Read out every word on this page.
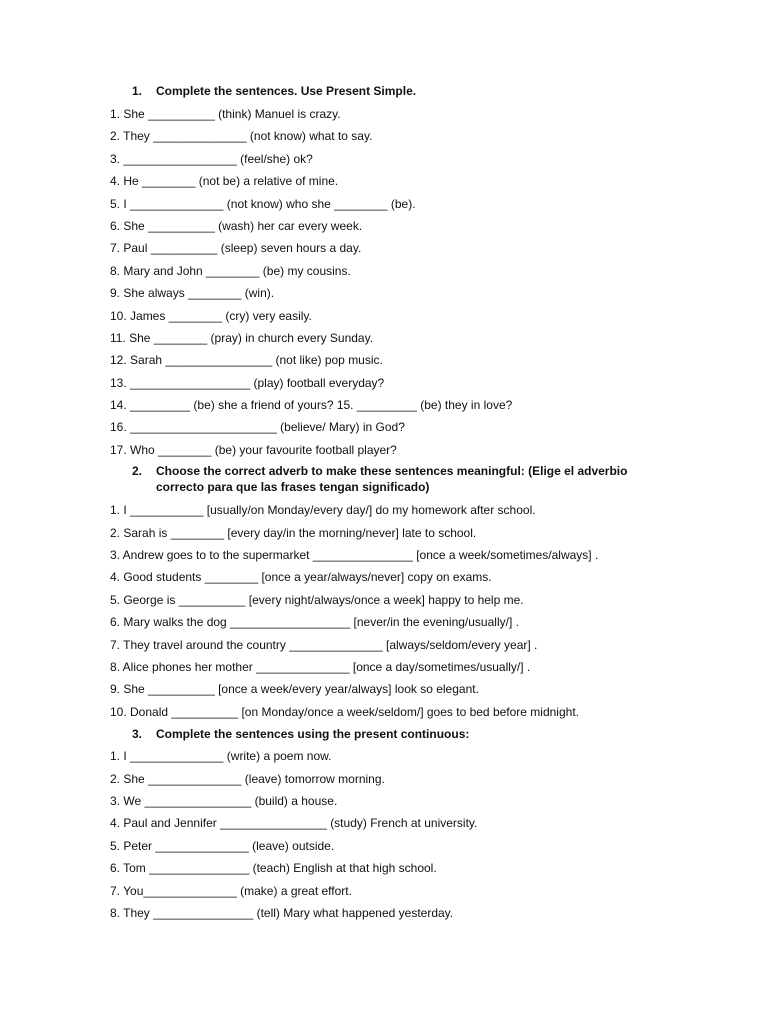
1.	Complete the sentences. Use Present Simple.
1. She __________ (think) Manuel is crazy.
2. They ______________ (not know) what to say.
3. _________________ (feel/she) ok?
4. He ________ (not be) a relative of mine.
5. I ______________ (not know) who she ________ (be).
6. She __________ (wash) her car every week.
7. Paul __________ (sleep) seven hours a day.
8. Mary and John ________ (be) my cousins.
9. She always ________ (win).
10. James ________ (cry) very easily.
11. She ________ (pray) in church every Sunday.
12. Sarah ________________ (not like) pop music.
13. __________________ (play) football everyday?
14. _________ (be) she a friend of yours? 15. _________ (be) they in love?
16. ______________________ (believe/ Mary) in God?
17. Who ________ (be) your favourite football player?
2.	Choose the correct adverb to make these sentences meaningful: (Elige el adverbio correcto para que las frases tengan significado)
1. I ___________ [usually/on Monday/every day/] do my homework after school.
2. Sarah is ________ [every day/in the morning/never] late to school.
3. Andrew goes to to the supermarket _______________ [once a week/sometimes/always] .
4. Good students ________ [once a year/always/never] copy on exams.
5. George is __________ [every night/always/once a week] happy to help me.
6. Mary walks the dog __________________ [never/in the evening/usually/] .
7. They travel around the country ______________ [always/seldom/every year] .
8. Alice phones her mother ______________ [once a day/sometimes/usually/] .
9. She __________ [once a week/every year/always] look so elegant.
10. Donald __________ [on Monday/once a week/seldom/] goes to bed before midnight.
3.	Complete the sentences using the present continuous:
1. I ______________ (write) a poem now.
2. She ______________ (leave) tomorrow morning.
3. We ________________ (build) a house.
4. Paul and Jennifer ________________ (study) French at university.
5. Peter ______________ (leave) outside.
6. Tom _______________ (teach) English at that high school.
7. You______________ (make) a great effort.
8. They _______________ (tell) Mary what happened yesterday.
